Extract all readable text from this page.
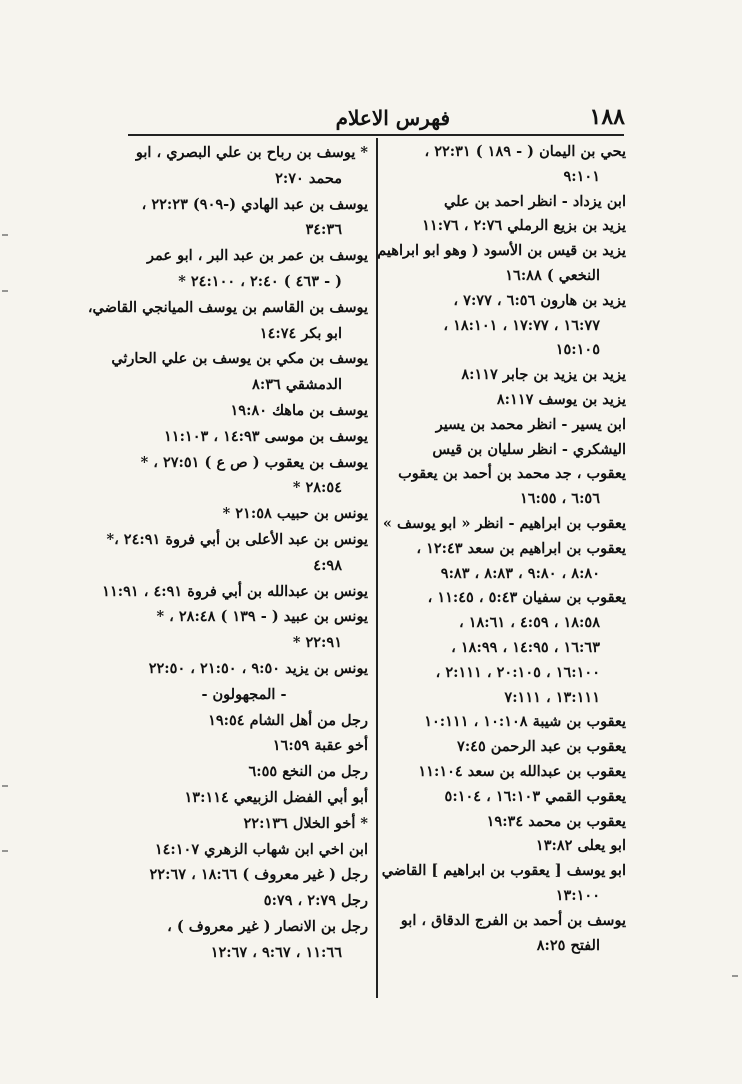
١٨٨
فهرس الاعلام
يحي بن اليمان ( - ١٨٩ ) ٢٢:٣١ ،
٩:١٠١
ابن يزداد - انظر احمد بن علي
يزيد بن بزيع الرملي ٢:٧٦ ، ١١:٧٦
يزيد بن قيس بن الأسود ( وهو ابو ابراهيم
النخعي ) ١٦:٨٨
يزيد بن هارون ٦:٥٦ ، ٧:٧٧ ،
١٦:٧٧ ، ١٧:٧٧ ، ١٨:١٠١ ،
١٥:١٠٥
يزيد بن يزيد بن جابر ٨:١١٧
يزيد بن يوسف ٨:١١٧
ابن يسير - انظر محمد بن يسير
اليشكري - انظر سليان بن قيس
يعقوب ، جد محمد بن أحمد بن يعقوب
٦:٥٦ ، ١٦:٥٥
يعقوب بن ابراهيم - انظر « ابو يوسف »
يعقوب بن ابراهيم بن سعد ١٢:٤٣ ،
٨:٨٠ ، ٩:٨٠ ، ٨:٨٣ ، ٩:٨٣
يعقوب بن سفيان ٥:٤٣ ، ١١:٤٥ ،
١٨:٥٨ ، ٤:٥٩ ، ١٨:٦١ ،
١٦:٦٣ ، ١٤:٩٥ ، ١٨:٩٩ ،
١٦:١٠٠ ، ٢٠:١٠٥ ، ٢:١١١ ،
١٣:١١١ ، ٧:١١١
يعقوب بن شيبة ١٠:١٠٨ ، ١٠:١١١
يعقوب بن عبد الرحمن ٧:٤٥
يعقوب بن عبدالله بن سعد ١١:١٠٤
يعقوب القمي ١٦:١٠٣ ، ٥:١٠٤
يعقوب بن محمد ١٩:٣٤
ابو يعلى ١٣:٨٢
ابو يوسف [ يعقوب بن ابراهيم ] القاضي
١٣:١٠٠
يوسف بن أحمد بن الفرج الدقاق ، ابو
الفتح ٨:٢٥
* يوسف بن رباح بن علي البصري ، ابو
محمد ٢:٧٠
يوسف بن عبد الهادي (-٩٠٩) ٢٢:٢٣ ،
٣٤:٣٦
يوسف بن عمر بن عبد البر ، ابو عمر
( - ٤٦٣ ) ٢:٤٠ ، ٢٤:١٠٠ *
يوسف بن القاسم بن يوسف الميانجي القاضي،
ابو بكر ١٤:٧٤
يوسف بن مكي بن يوسف بن علي الحارثي
الدمشقي ٨:٣٦
يوسف بن ماهك ١٩:٨٠
يوسف بن موسى ١٤:٩٣ ، ١١:١٠٣
يوسف بن يعقوب ( ص ع ) ٢٧:٥١ ، *
٢٨:٥٤ *
يونس بن حبيب ٢١:٥٨ *
يونس بن عبد الأعلى بن أبي فروة ٢٤:٩١ ،*
٤:٩٨
يونس بن عبدالله بن أبي فروة ٤:٩١ ، ١١:٩١
يونس بن عبيد ( - ١٣٩ ) ٢٨:٤٨ ، *
٢٢:٩١ *
يونس بن يزيد ٩:٥٠ ، ٢١:٥٠ ، ٢٢:٥٠
- المجهولون -
رجل من أهل الشام ١٩:٥٤
أخو عقبة ١٦:٥٩
رجل من النخع ٦:٥٥
أبو أبي الفضل الزبيعي ١٣:١١٤
* أخو الخلال ٢٢:١٣٦
ابن اخي ابن شهاب الزهري ١٤:١٠٧
رجل ( غير معروف ) ١٨:٦٦ ، ٢٢:٦٧
رجل ٢:٧٩ ، ٥:٧٩
رجل بن الانصار ( غير معروف ) ،
١١:٦٦ ، ٩:٦٧ ، ١٢:٦٧
